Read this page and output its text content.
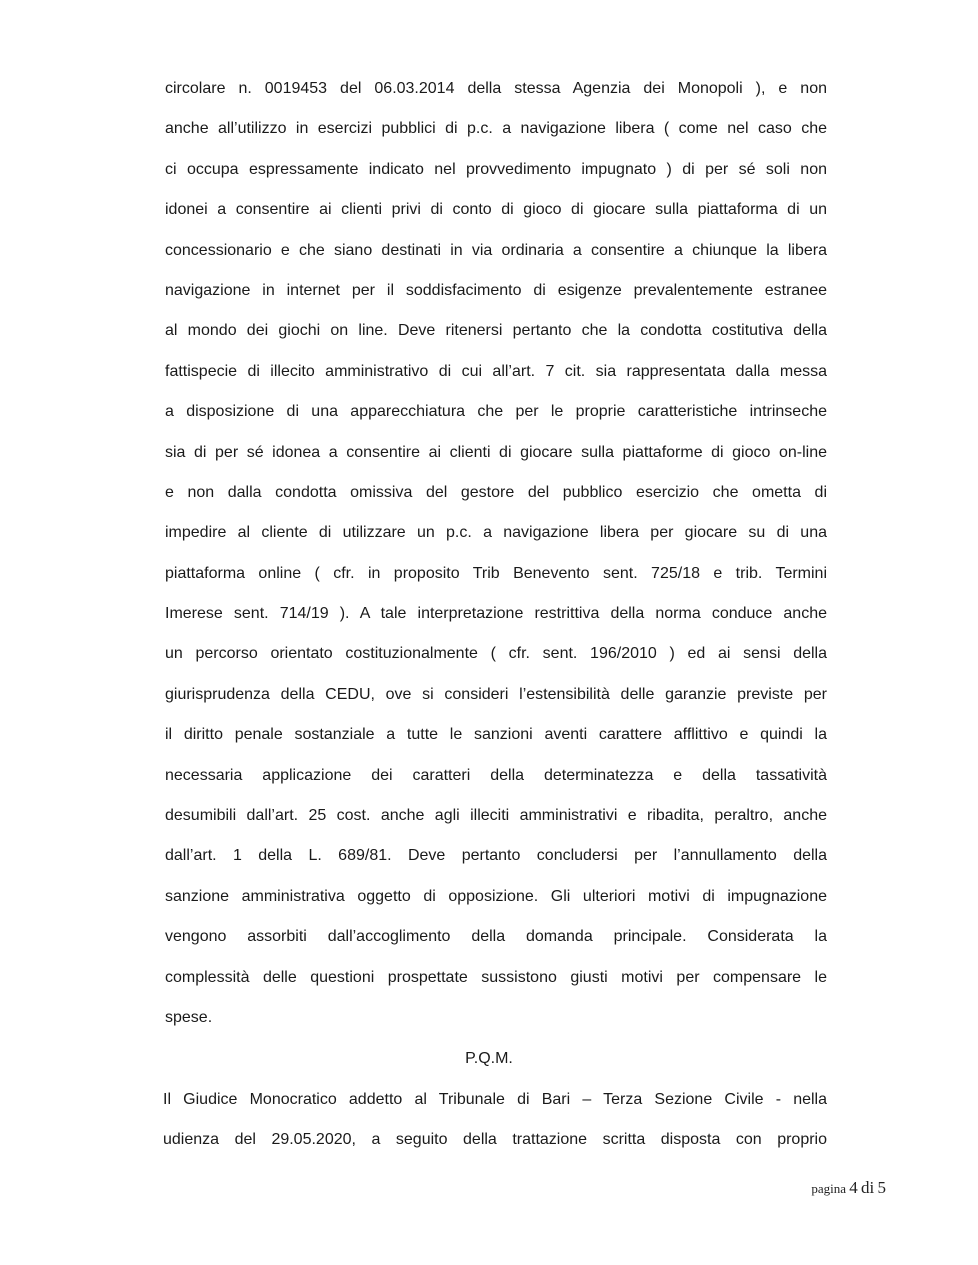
circolare n. 0019453 del 06.03.2014 della stessa Agenzia dei Monopoli ), e non
anche all’utilizzo in esercizi pubblici di p.c. a navigazione libera ( come nel caso che
ci occupa espressamente indicato nel provvedimento impugnato ) di per sé soli non
idonei a consentire ai clienti privi di conto di gioco di giocare sulla piattaforma di un
concessionario e che siano destinati in via ordinaria a consentire a chiunque la libera
navigazione in internet per il soddisfacimento di esigenze prevalentemente estranee
al mondo dei giochi on line. Deve ritenersi pertanto che la condotta costitutiva della
fattispecie di illecito amministrativo di cui all’art. 7 cit. sia rappresentata dalla messa
a disposizione di una apparecchiatura che per le proprie caratteristiche intrinseche
sia di per sé idonea a consentire ai clienti di giocare sulla piattaforme di gioco on-line
e non dalla condotta omissiva del gestore del pubblico esercizio che ometta di
impedire al cliente di utilizzare un p.c. a navigazione libera per giocare su di una
piattaforma online ( cfr. in proposito Trib Benevento sent. 725/18 e trib. Termini
Imerese sent. 714/19 ). A tale interpretazione restrittiva della norma conduce anche
un percorso orientato costituzionalmente ( cfr. sent. 196/2010 ) ed ai sensi della
giurisprudenza della CEDU, ove si consideri l’estensibilità delle garanzie previste per
il diritto penale sostanziale a tutte le sanzioni aventi carattere afflittivo e quindi la
necessaria applicazione dei caratteri della determinatezza e della tassatività
desumibili dall’art. 25 cost. anche agli illeciti amministrativi e ribadita, peraltro, anche
dall’art. 1 della L. 689/81. Deve pertanto concludersi per l’annullamento della
sanzione amministrativa oggetto di opposizione. Gli ulteriori motivi di impugnazione
vengono assorbiti dall’accoglimento della domanda principale. Considerata la
complessità delle questioni prospettate sussistono giusti motivi per compensare le
spese.
P.Q.M.
Il Giudice Monocratico addetto al Tribunale di Bari – Terza Sezione Civile - nella
udienza del 29.05.2020, a seguito della trattazione scritta disposta con proprio
pagina 4 di 5
